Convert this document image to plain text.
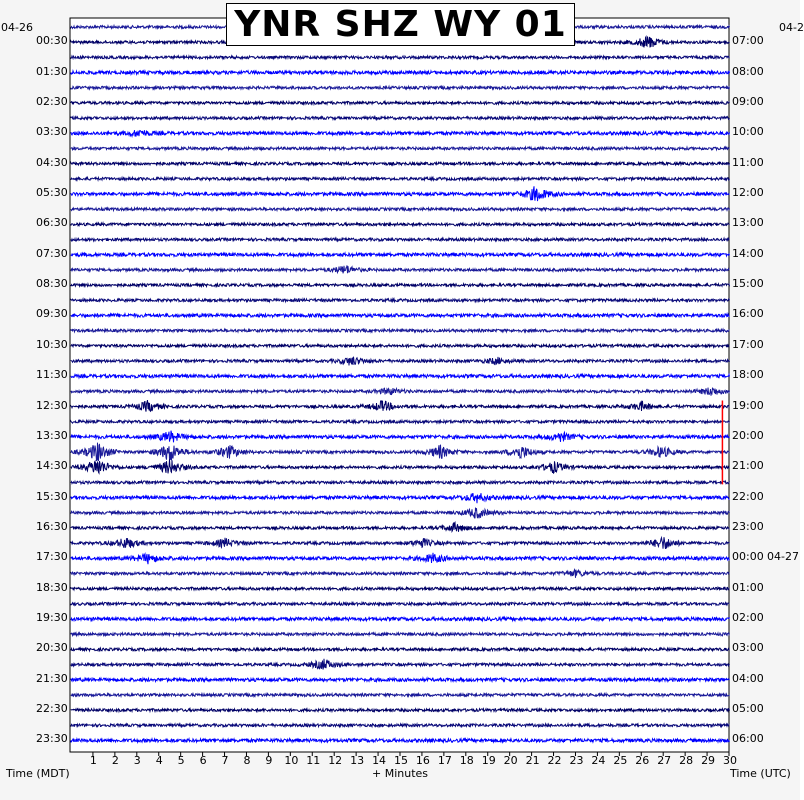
YNR SHZ WY 01
04-26	04-2
00:30
01:30
02:30
03:30
04:30
05:30
06:30
07:30
08:30
09:30
10:30
11:30
12:30
13:30
14:30
15:30
16:30
17:30
18:30
19:30
20:30
21:30
22:30
23:30
07:00
08:00
09:00
10:00
11:00
12:00
13:00
14:00
15:00
16:00
17:00
18:00
19:00
20:00
21:00
22:00
23:00
00:00 04-27
01:00
02:00
03:00
04:00
05:00
06:00
1 2 3 4 5 6 7 8 9 10 11 12 13 14 15 16 17 18 19 20 21 22 23 24 25 26 27 28 29 30
Time (MDT)	+ Minutes	Time (UTC)
